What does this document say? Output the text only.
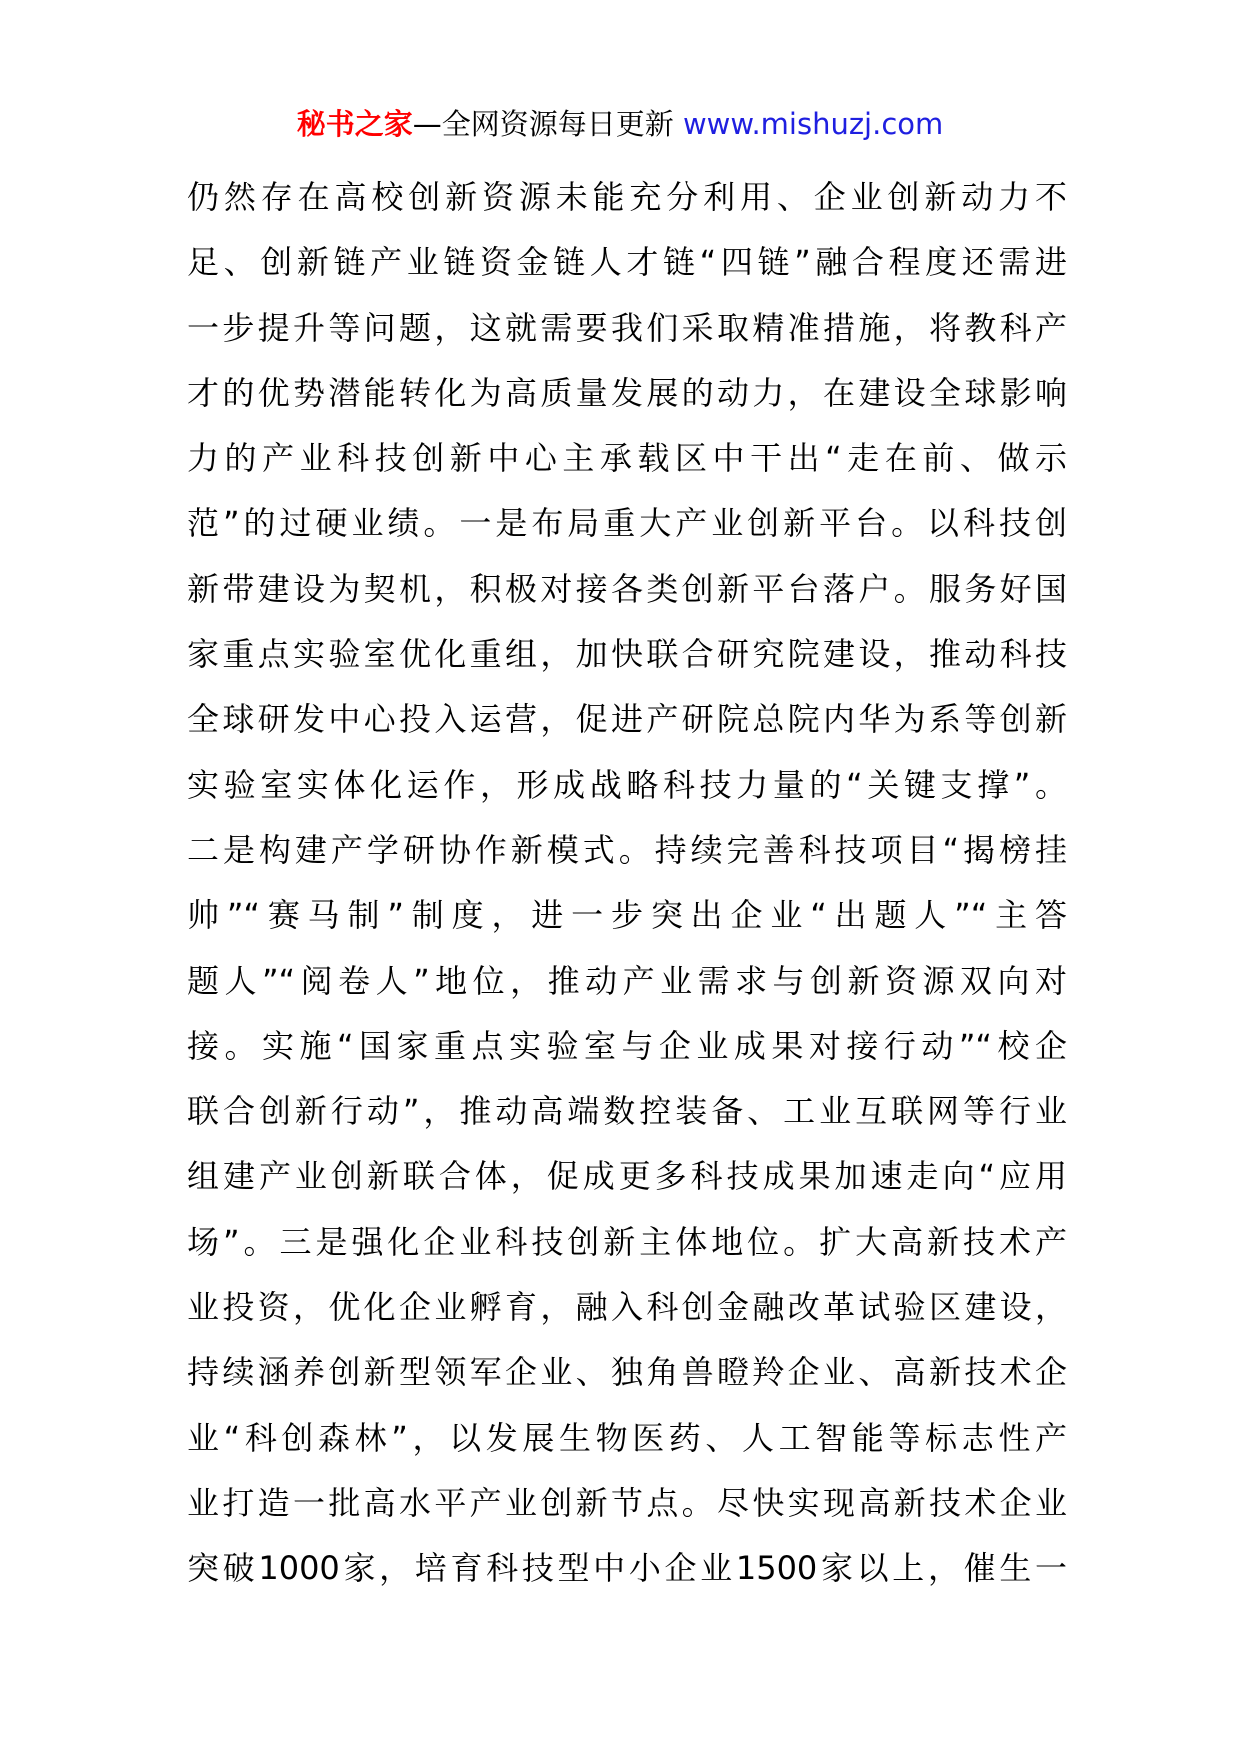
秘书之家—全网资源每日更新 www.mishuzj.com
仍然存在高校创新资源未能充分利用、企业创新动力不
足、创新链产业链资金链人才链“四链”融合程度还需进
一步提升等问题，这就需要我们采取精准措施，将教科产
才的优势潜能转化为高质量发展的动力，在建设全球影响
力的产业科技创新中心主承载区中干出“走在前、做示
范”的过硬业绩。一是布局重大产业创新平台。以科技创
新带建设为契机，积极对接各类创新平台落户。服务好国
家重点实验室优化重组，加快联合研究院建设，推动科技
全球研发中心投入运营，促进产研院总院内华为系等创新
实验室实体化运作，形成战略科技力量的“关键支撑”。
二是构建产学研协作新模式。持续完善科技项目“揭榜挂
帅”“赛马制”制度，进一步突出企业“出题人”“主答
题人”“阅卷人”地位，推动产业需求与创新资源双向对
接。实施“国家重点实验室与企业成果对接行动”“校企
联合创新行动”，推动高端数控装备、工业互联网等行业
组建产业创新联合体，促成更多科技成果加速走向“应用
场”。三是强化企业科技创新主体地位。扩大高新技术产
业投资，优化企业孵育，融入科创金融改革试验区建设，
持续涵养创新型领军企业、独角兽瞪羚企业、高新技术企
业“科创森林”，以发展生物医药、人工智能等标志性产
业打造一批高水平产业创新节点。尽快实现高新技术企业
突破1000家，培育科技型中小企业1500家以上，催生一
